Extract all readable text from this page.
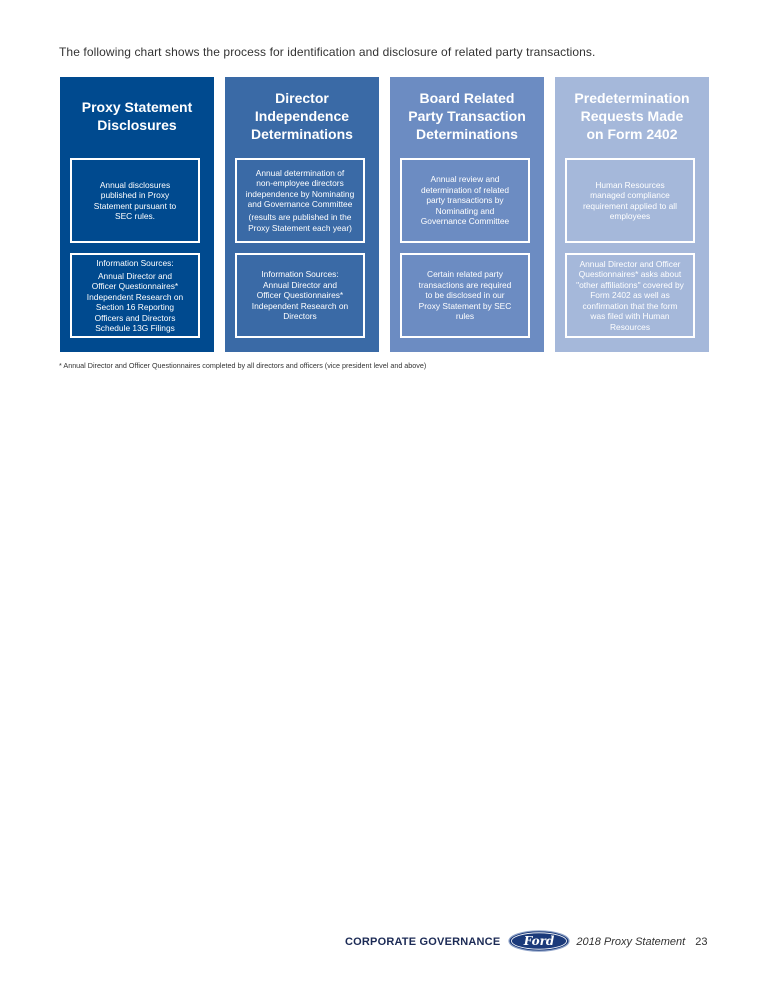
The following chart shows the process for identification and disclosure of related party transactions.
Proxy Statement
Disclosures

Annual disclosures
published in Proxy
Statement pursuant to
SEC rules.

Information Sources:

Annual Director and
Officer Questionnaires*
Independent Research on
Section 16 Reporting
Officers and Directors
Schedule 13G Filings

Director
Independence
Determinations

Annual determination of
non-employee directors
independence by Nominating
and Governance Committee

(results are published in the
Proxy Statement each year)

Information Sources:
Annual Director and
Officer Questionnaires*
Independent Research on
Directors

Board Related
Party Transaction
Determinations

Annual review and
determination of related
party transactions by
Nominating and
Governance Committee

Certain related party
transactions are required
to be disclosed in our
Proxy Statement by SEC
rules

Predetermination
Requests Made
on Form 2402

Human Resources
managed compliance
requirement applied to all
employees

Annual Director and Officer
Questionnaires* asks about
"other affiliations" covered by
Form 2402 as well as
confirmation that the form
was filed with Human
Resources

* Annual Director and Officer Questionnaires completed by all directors and officers (vice president level and above)
CORPORATE GOVERNANCE Ford 2018 Proxy Statement 23
